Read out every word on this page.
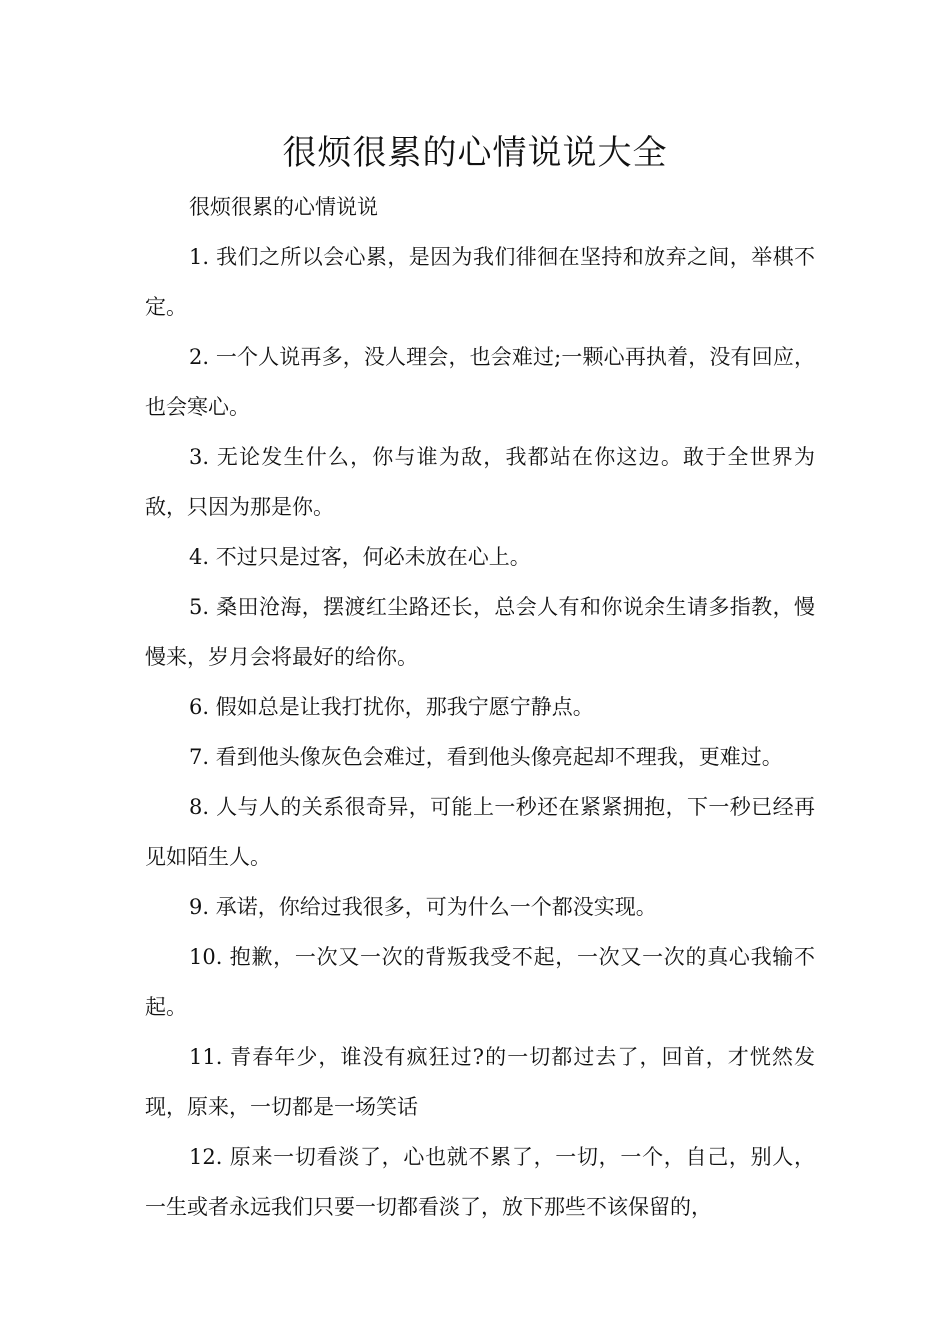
很烦很累的心情说说大全

很烦很累的心情说说

1. 我们之所以会心累，是因为我们徘徊在坚持和放弃之间，举棋不定。

2. 一个人说再多，没人理会，也会难过;一颗心再执着，没有回应，也会寒心。

3. 无论发生什么，你与谁为敌，我都站在你这边。敢于全世界为敌，只因为那是你。

4. 不过只是过客，何必未放在心上。

5. 桑田沧海，摆渡红尘路还长，总会人有和你说余生请多指教，慢慢来，岁月会将最好的给你。

6. 假如总是让我打扰你，那我宁愿宁静点。

7. 看到他头像灰色会难过，看到他头像亮起却不理我，更难过。

8. 人与人的关系很奇异，可能上一秒还在紧紧拥抱，下一秒已经再见如陌生人。

9. 承诺，你给过我很多，可为什么一个都没实现。

10. 抱歉，一次又一次的背叛我受不起，一次又一次的真心我输不起。

11. 青春年少，谁没有疯狂过?的一切都过去了，回首，才恍然发现，原来，一切都是一场笑话

12. 原来一切看淡了，心也就不累了，一切，一个，自己，别人，一生或者永远我们只要一切都看淡了，放下那些不该保留的，
